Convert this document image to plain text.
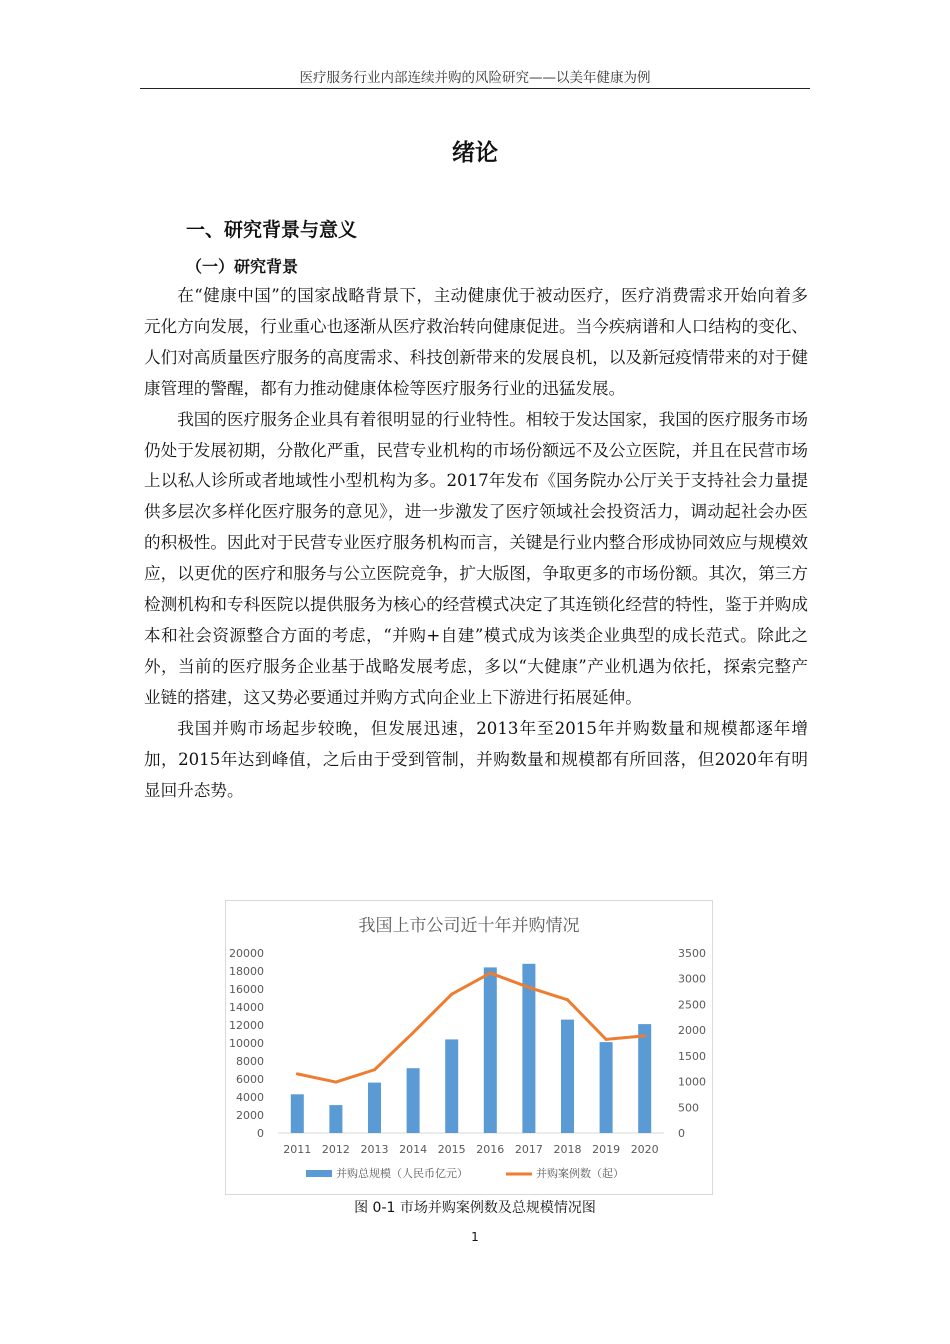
医疗服务行业内部连续并购的风险研究——以美年健康为例
绪论
一、研究背景与意义
（一）研究背景

在“健康中国”的国家战略背景下，主动健康优于被动医疗，医疗消费需求开始向着多元化方向发展，行业重心也逐渐从医疗救治转向健康促进。当今疾病谱和人口结构的变化、人们对高质量医疗服务的高度需求、科技创新带来的发展良机，以及新冠疫情带来的对于健康管理的警醒，都有力推动健康体检等医疗服务行业的迅猛发展。

我国的医疗服务企业具有着很明显的行业特性。相较于发达国家，我国的医疗服务市场仍处于发展初期，分散化严重，民营专业机构的市场份额远不及公立医院，并且在民营市场上以私人诊所或者地域性小型机构为多。2017年发布《国务院办公厅关于支持社会力量提供多层次多样化医疗服务的意见》，进一步激发了医疗领域社会投资活力，调动起社会办医的积极性。因此对于民营专业医疗服务机构而言，关键是行业内整合形成协同效应与规模效应，以更优的医疗和服务与公立医院竞争，扩大版图，争取更多的市场份额。其次，第三方检测机构和专科医院以提供服务为核心的经营模式决定了其连锁化经营的特性，鉴于并购成本和社会资源整合方面的考虑，“并购+自建”模式成为该类企业典型的成长范式。除此之外，当前的医疗服务企业基于战略发展考虑，多以“大健康”产业机遇为依托，探索完整产业链的搭建，这又势必要通过并购方式向企业上下游进行拓展延伸。

我国并购市场起步较晚，但发展迅速，2013年至2015年并购数量和规模都逐年增加，2015年达到峰值，之后由于受到管制，并购数量和规模都有所回落，但2020年有明显回升态势。

我国上市公司近十年并购情况
0
2000
4000
6000
8000
10000
12000
14000
16000
18000
20000
0
500
1000
1500
2000
2500
3000
3500
2011 2012 2013 2014 2015 2016 2017 2018 2019 2020
并购总规模（人民币亿元）	并购案例数（起）
图 0-1 市场并购案例数及总规模情况图
1
